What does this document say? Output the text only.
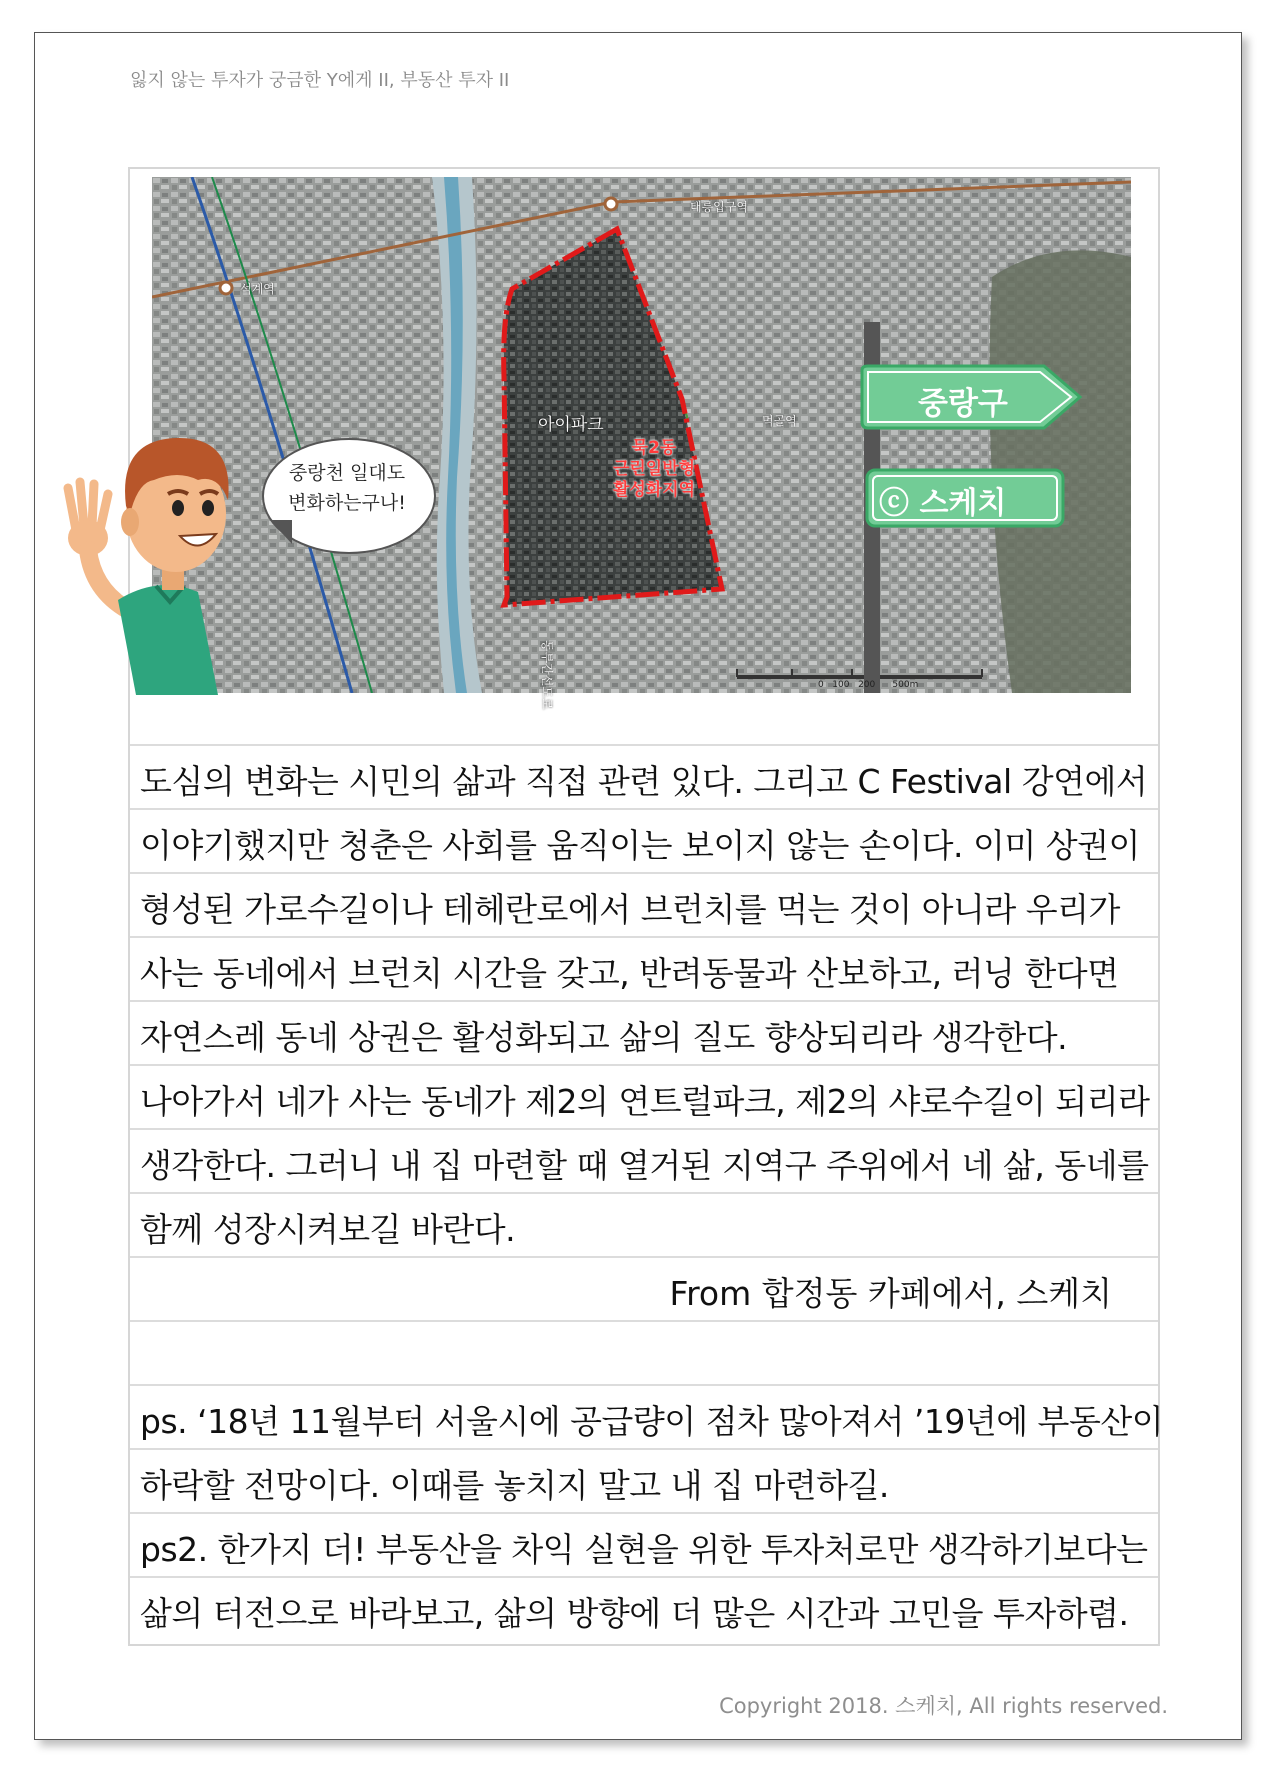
잃지 않는 투자가 궁금한 Y에게 II, 부동산 투자 II
석계역
태릉입구역
먹골역
아이파크
동부간선도로	0   100   200      500m
묵2동
근린일반형
활성화지역
중랑구
ⓒ 스케치
중랑천 일대도
변화하는구나!
도심의 변화는 시민의 삶과 직접 관련 있다. 그리고 C Festival 강연에서
이야기했지만 청춘은 사회를 움직이는 보이지 않는 손이다. 이미 상권이
형성된 가로수길이나 테헤란로에서 브런치를 먹는 것이 아니라 우리가
사는 동네에서 브런치 시간을 갖고, 반려동물과 산보하고, 러닝 한다면
자연스레 동네 상권은 활성화되고 삶의 질도 향상되리라 생각한다.
나아가서 네가 사는 동네가 제2의 연트럴파크, 제2의 샤로수길이 되리라
생각한다. 그러니 내 집 마련할 때 열거된 지역구 주위에서 네 삶, 동네를
함께 성장시켜보길 바란다.
From 합정동 카페에서, 스케치
ps. ‘18년 11월부터 서울시에 공급량이 점차 많아져서 ’19년에 부동산이
하락할 전망이다. 이때를 놓치지 말고 내 집 마련하길.
ps2. 한가지 더! 부동산을 차익 실현을 위한 투자처로만 생각하기보다는
삶의 터전으로 바라보고, 삶의 방향에 더 많은 시간과 고민을 투자하렴.
Copyright 2018. 스케치, All rights reserved.
